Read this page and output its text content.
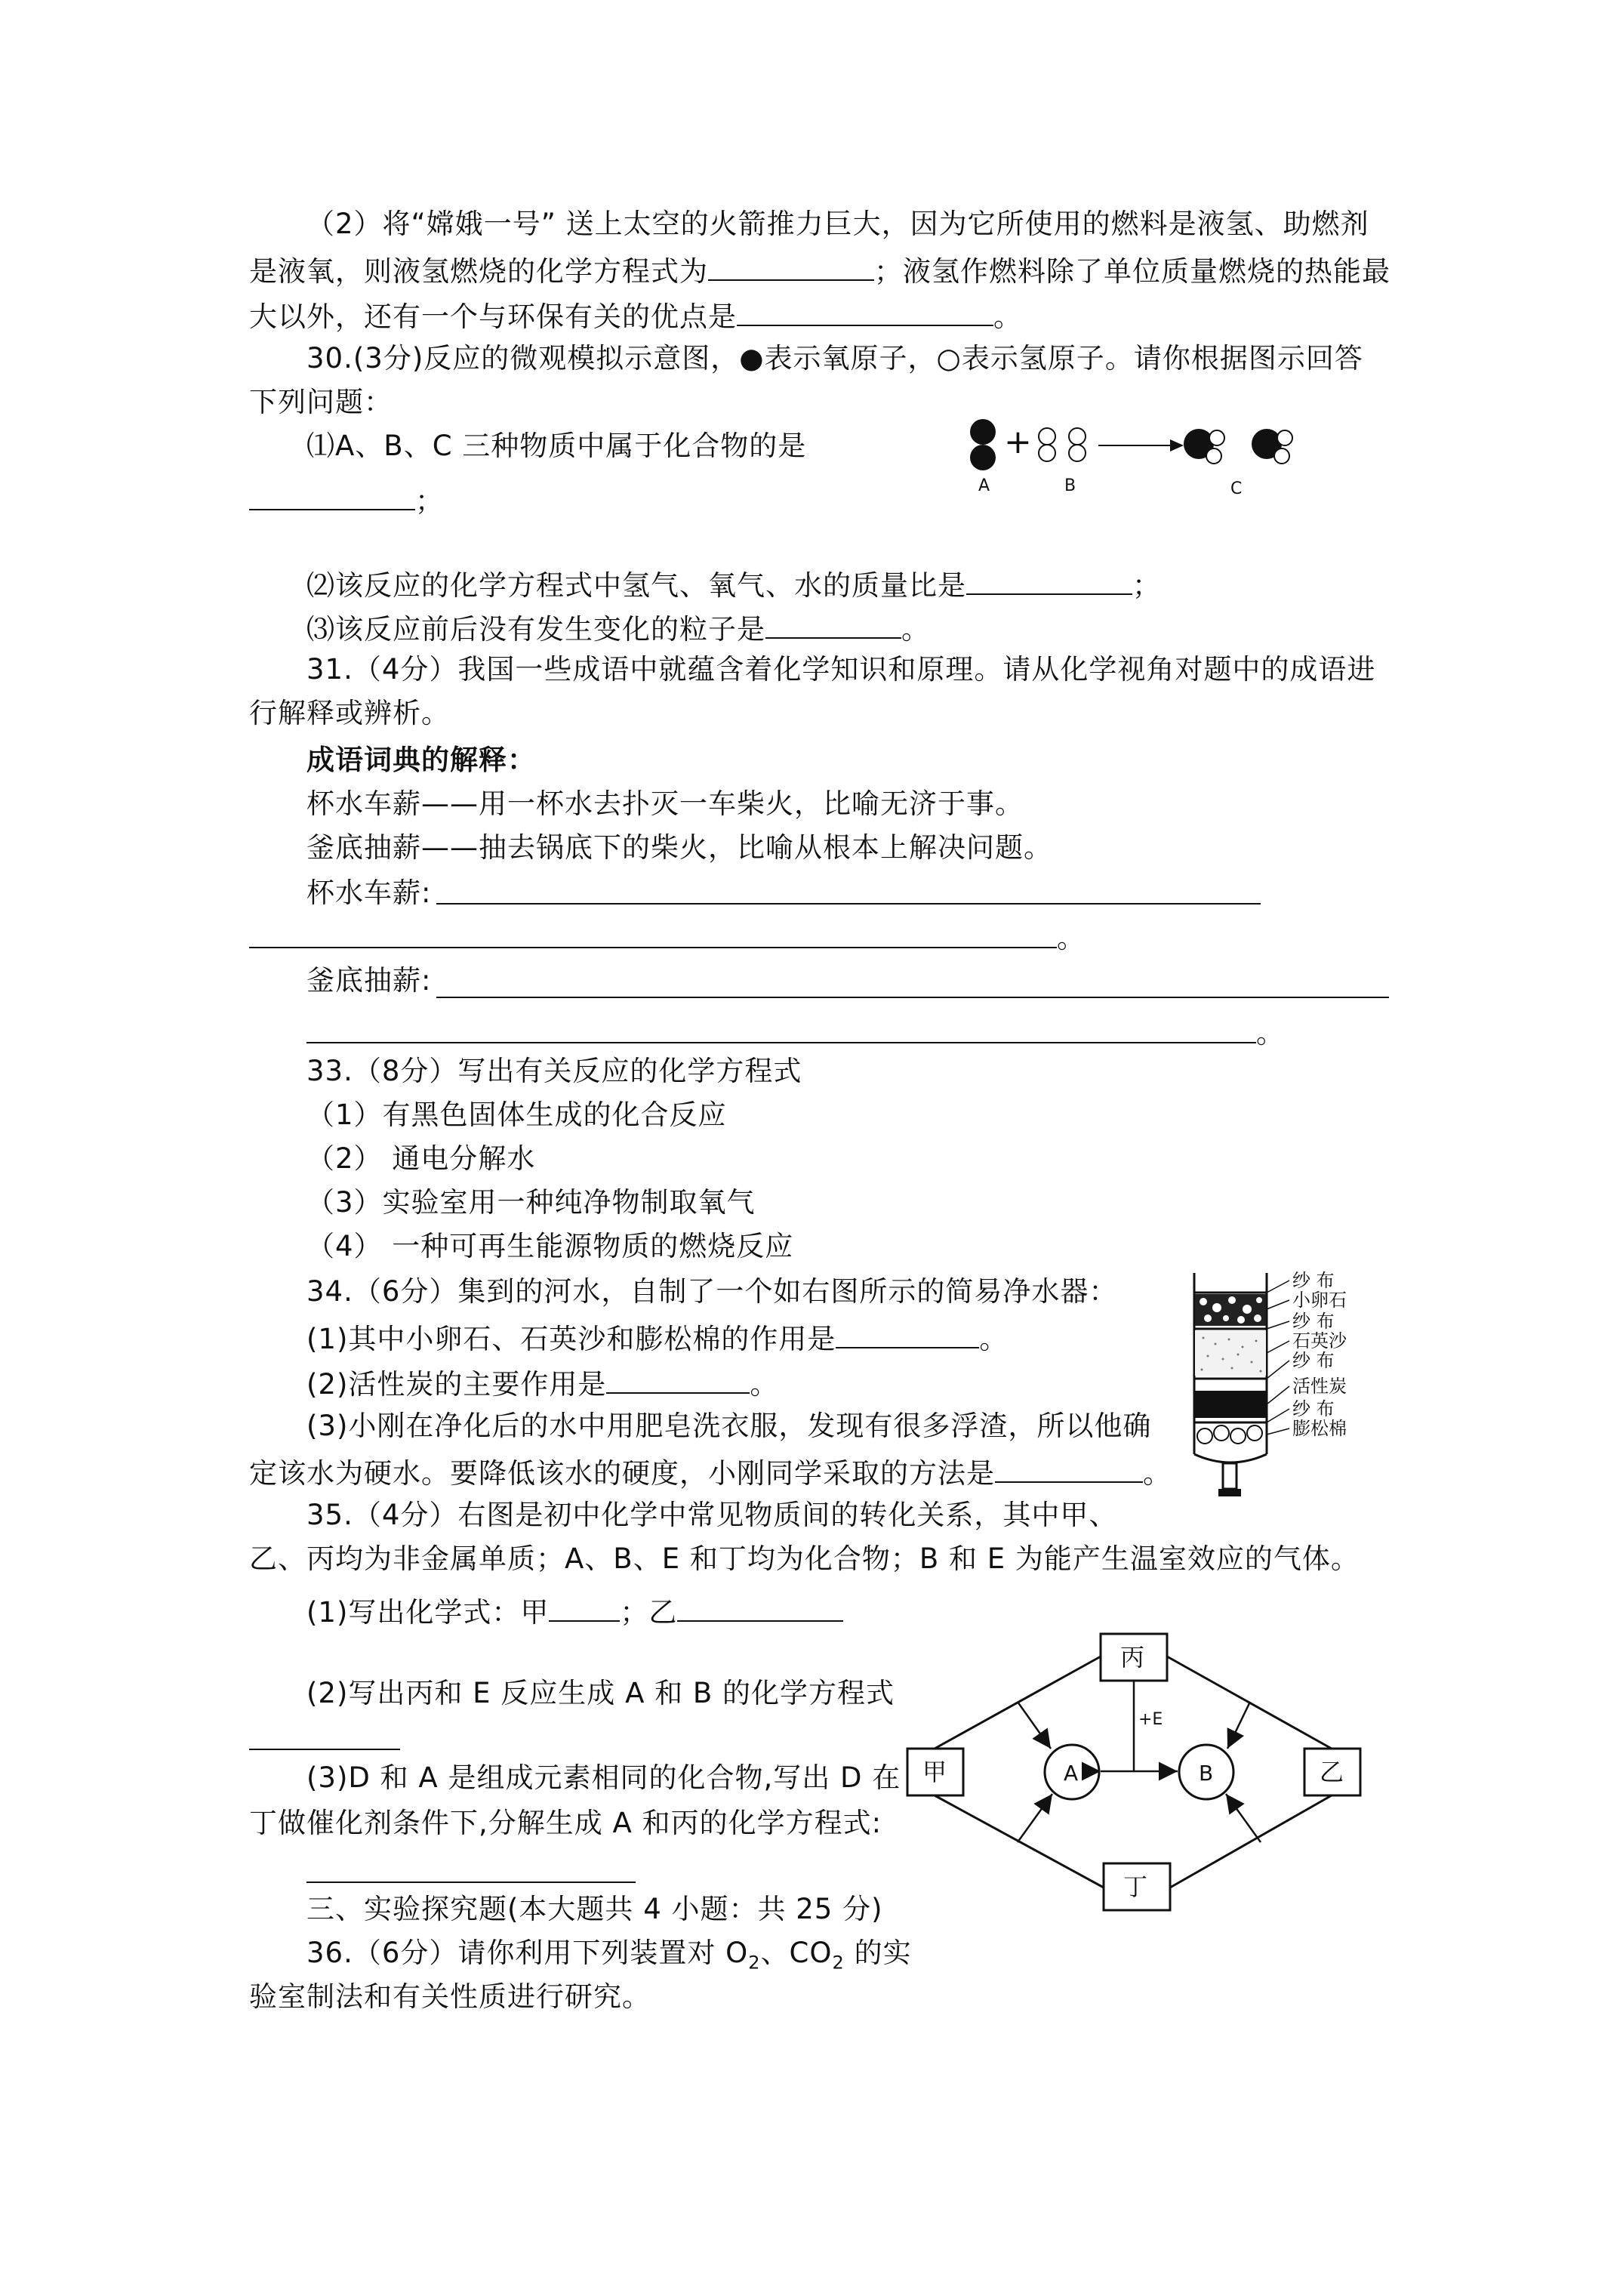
（2）将“嫦娥一号” 送上太空的火箭推力巨大，因为它所使用的燃料是液氢、助燃剂
是液氧，则液氢燃烧的化学方程式为	；液氢作燃料除了单位质量燃烧的热能最
大以外，还有一个与环保有关的优点是	。
30.(3分)反应的微观模拟示意图，●表示氧原子，○表示氢原子。请你根据图示回答
下列问题：
⑴A、B、C 三种物质中属于化合物的是
；
+
A	B	C
⑵该反应的化学方程式中氢气、氧气、水的质量比是	；
⑶该反应前后没有发生变化的粒子是	。
31.（4分）我国一些成语中就蕴含着化学知识和原理。请从化学视角对题中的成语进
行解释或辨析。
成语词典的解释：
杯水车薪——用一杯水去扑灭一车柴火，比喻无济于事。
釜底抽薪——抽去锅底下的柴火，比喻从根本上解决问题。
杯水车薪:
。
釜底抽薪:
。
33.（8分）写出有关反应的化学方程式
（1）有黑色固体生成的化合反应
（2） 通电分解水
（3）实验室用一种纯净物制取氧气
（4） 一种可再生能源物质的燃烧反应
34.（6分）集到的河水，自制了一个如右图所示的简易净水器：
(1)其中小卵石、石英沙和膨松棉的作用是	。
(2)活性炭的主要作用是	。
(3)小刚在净化后的水中用肥皂洗衣服，发现有很多浮渣，所以他确
定该水为硬水。要降低该水的硬度，小刚同学采取的方法是	。
纱 布
小卵石
纱 布
石英沙
纱 布
活性炭
纱 布
膨松棉
35.（4分）右图是初中化学中常见物质间的转化关系，其中甲、
乙、丙均为非金属单质；A、B、E 和丁均为化合物；B 和 E 为能产生温室效应的气体。
(1)写出化学式：甲	；乙
(2)写出丙和 E 反应生成 A 和 B 的化学方程式
(3)D 和 A 是组成元素相同的化合物,写出 D 在
丁做催化剂条件下,分解生成 A 和丙的化学方程式:
丙
甲	乙
丁
A	B
+E
三、实验探究题(本大题共 4 小题：共 25 分)
36.（6分）请你利用下列装置对 $O_2$、$CO_2$ 的实
验室制法和有关性质进行研究。
